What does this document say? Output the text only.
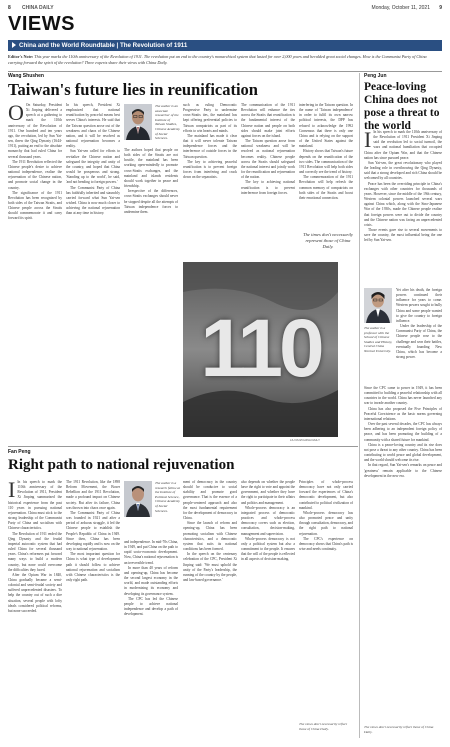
8 CHINA DAILY	Monday, October 11, 2021 9
VIEWS
China and the World Roundtable | The Revolution of 1911
Editor's Note: This year marks the 110th anniversary of the Revolution of 1911. The revolution put an end to the country's monarchical system that lasted for over 2,000 years and heralded great social changes. How is the Communist Party of China carrying forward the spirit of the revolution? Three experts share their views with China Daily.
Wang Shushen
Taiwan's future lies in reunification

O On Saturday, President Xi Jinping delivered a speech at a gathering to mark the 110th anniversary of the Revolution of 1911. One hundred and ten years ago, the revolution, led by Sun Yat-sen, threw the Qing Dynasty (1644-1911), putting an end to the absolute monarchy that had ruled China for several thousand years.

The 1911 Revolution reflected the Chinese people's desire to achieve national independence, realize the rejuvenation of the Chinese nation, and promote social change in the country.

The significance of the 1911 Revolution has been recognized by both sides of the Taiwan Straits, and Chinese people across the Straits should commemorate it and carry forward its spirit.

In his speech, President Xi emphasized that national reunification by peaceful means best serves China's interests. He said that the Taiwan question arose out of the weakness and chaos of the Chinese nation, and it will be resolved as national rejuvenation becomes a reality.

Sun Yat-sen called for efforts to revitalize the Chinese nation and safeguard the integrity and unity of the country, and hoped that China would be prosperous and strong. 'Standing up to the world', he said, 'and not bending to foreign powers.'

The Communist Party of China has faithfully inherited and staunchly carried forward what Sun Yat-sen wished. China is now much closer to achieving the national rejuvenation than at any time in history.

The author is an associate researcher of the Institute of Taiwan Studies, Chinese Academy of Social Sciences.

The authors hoped that people on both sides of the Straits are not hostile, the mainland has been working open-mindedly to promote cross-Straits exchanges, and the mainland and islands residents should work together in peace and friendship.

Irrespective of the differences, cross-Straits exchanges should never be stopped despite all the attempts of Taiwan independence forces to undermine them.

such as ruling Democratic Progressive Party to undermine cross-Straits ties, the mainland has kept offering preferential policies to Taiwan compatriots as part of its efforts to win hearts and minds.

The mainland has made it clear that it will never tolerate Taiwan independence forces and the interference of outside forces in the Taiwan question.

The key to achieving peaceful reunification is to prevent foreign forces from interfering and crack down on the separatists.

The communication of the 1911 Revolution will enhance the ties across the Straits that reunification is the fundamental interest of the Chinese nation and people on both sides should make joint efforts against forces on the island.

The Taiwan question arose from national weakness and will be resolved as national rejuvenation becomes reality. Chinese people across the Straits should safeguard the national interest and jointly work for the reunification and rejuvenation of the nation.

The key to achieving national reunification is to prevent interference from foreign forces.

interfering in the Taiwan question. In the name of 'Taiwan independence' in order to fulfil its own narrow political interests, the DPP has refused to acknowledge the 1992 Consensus that there is only one China and is relying on the support of the United States against the mainland.

History shows that Taiwan's future depends on the reunification of the two sides. The communication of the 1911 Revolution will help both sides and correctly see the trend of history.

The commemoration of the 1911 Revolution will help refresh the common memory of compatriots on both sides of the Straits and boost their emotional connection.

The times don't necessarily represent those of China Daily.
110
LIU RUI/CHINA DAILY
Peng Jun
Peace-loving China does not pose a threat to the world

I In his speech to mark the 110th anniversary of the Revolution of 1911 President Xi Jinping said the revolution led to social turmoil, the wars and national humiliation that occupied China after the Opium War, and that the Chinese nation has since pursued peace.

Sun Yat-sen, the great revolutionary who played the leading role in overthrowing the Qing Dynasty, said that a strong developed and rich China should be welcomed by all countries.

Peace has been the overriding principle in China's exchanges with other countries for thousands of years. However, since the middle of the 19th century, Western colonial powers launched several wars against China which, along with the Sino-Japanese War of the 1930s, made the Chinese people realize that foreign powers were out to divide the country and the Chinese nation was facing an unprecedented crisis.

Those events gave rise to several movements to save the country, the most influential being the one led by Sun Yat-sen.

The author is a professor with the School of Chinese Studies and History, Central China Normal University.

Yet after his death, the foreign powers continued their influence for years to come. Western powers sought to bully China and some people wanted to give the country to foreign influence.

Under the leadership of the Communist Party of China, the Chinese people rose to the challenge and won their battles, eventually founding New China, which has become a strong power.

Since the CPC came to power in 1949, it has been committed to building a peaceful relationship with all countries in the world. China has never launched any war to invade another country.

China has also proposed the Five Principles of Peaceful Coexistence as the basic norms governing international relations.

Over the past several decades, the CPC has always been adhering to an independent foreign policy of peace, and has been promoting the building of a community with a shared future for mankind.

China is a peace-loving country and its rise does not pose a threat to any other country. China has been contributing to world peace and global development, and the world should welcome its rise.

In that regard, Sun Yat-sen's remarks on peace and 'greatness' remain applicable to the Chinese development in the new era.

The views don't necessarily reflect those of China Daily.
Fan Peng
Right path to national rejuvenation

I In his speech to mark the 110th anniversary of the Revolution of 1911, President Xi Jinping summarized the historical experience from the past 110 years in pursuing national rejuvenation. China must stick to the strong leadership of the Communist Party of China and socialism with Chinese characteristics.

The Revolution of 1911 ended the Qing Dynasty and the feudal imperial autocratic system that had ruled China for several thousand years. China's reformers put forward many ways to build a modern country, but none could overcome the difficulties they faced.

After the Opium War in 1840, China gradually became a semi-colonial and semi-feudal society and suffered unprecedented disasters. To help the country out of such a dire situation, several people with lofty ideals considered political reforms, but none succeeded.

The 1911 Revolution, like the 1898 Reform Movement, the Boxer Rebellion and the 1911 Revolution, made a profound impact on Chinese society. But after its failure, China was thrown into chaos once again.

The Communist Party of China was founded in 1921 and after a period of arduous struggle, it led the Chinese people to establish the People's Republic of China in 1949. Since then, China has been developing rapidly and is now on the way to national rejuvenation.

The most important question for China is what type of development path it should follow to achieve national rejuvenation and socialism with Chinese characteristics is the only right path.

The author is a research fellow at the Institute of Political Science, Chinese Academy of Social Sciences.

and independence. In mid-70s China, in 1949, and put China on the path to rapid socio-economic development. Now, China's national rejuvenation is an irreversible trend.

In more than 40 years of reform and opening-up, China has become the second largest economy in the world, and made outstanding efforts in modernizing its economy and developing its governance system.

The CPC has led the Chinese people to achieve national independence and develop a path of development.

ment of democracy in the country should be conducive to social stability and promote good governance. That is the essence of a people-centered approach and also the most fundamental requirement for the development of democracy in China.

Since the launch of reform and opening-up, China has been promoting socialism with Chinese characteristics, and a democratic system that suits its national conditions has been formed.

In the speech on the centenary celebration of the CPC, President Xi Jinping said: 'We must uphold the unity of the Party's leadership, the running of the country by the people, and law-based governance.'

also depends on whether the people have the right to vote and appoint the government, and whether they have the right to participate in their affairs and politics and management.

Whole-process democracy is an integrated process of democratic practices and whole-process democracy covers such as election, consultation, decision-making, management and supervision.

Whole-process democracy is not only a political system but also a commitment to the people. It ensures that the will of the people is reflected in all aspects of decision-making.

Principles of whole-process democracy have not only carried forward the experiences of China's democratic development, but also contributed to political civilization of mankind.

Whole-process democracy has also promoted peace and unity through consultation, democracy, and the right path to national rejuvenation.

The CPC's experience on democracy shows that China's path is wise and needs continuity.

The views don't necessarily reflect those of China Daily.
